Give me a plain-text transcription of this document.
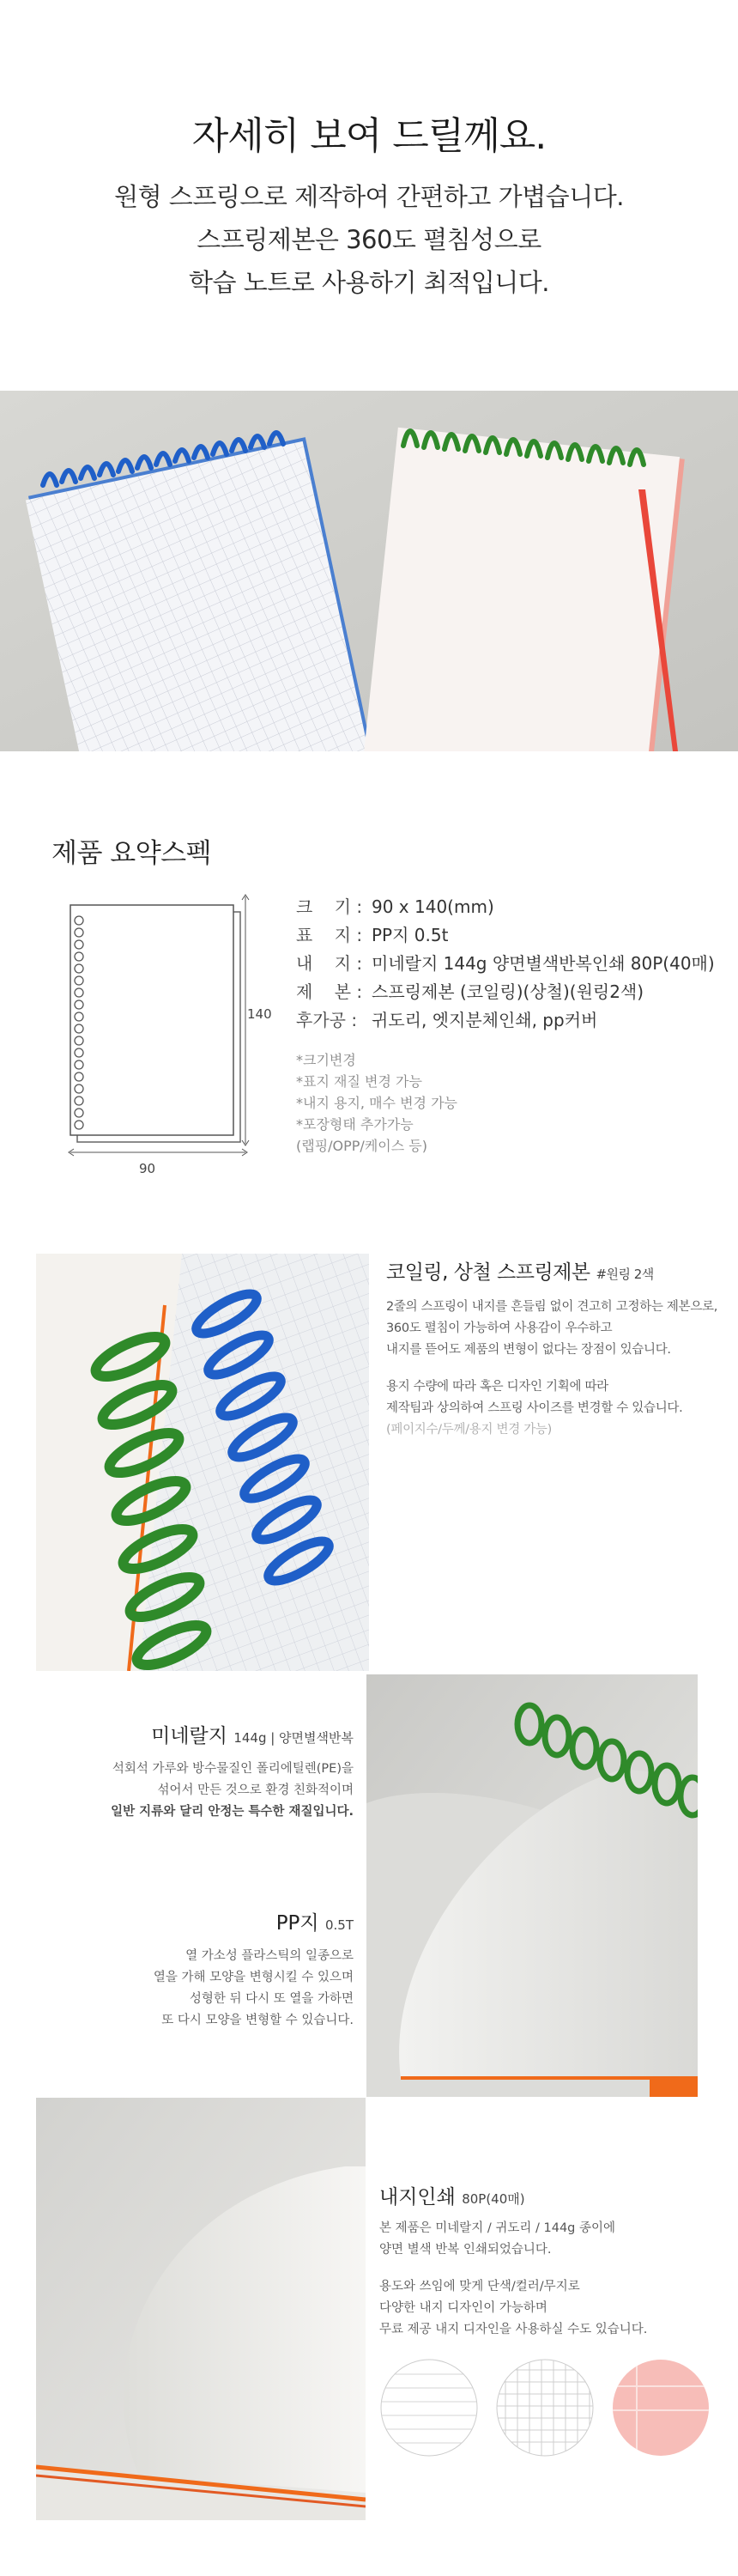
자세히 보여 드릴께요.
원형 스프링으로 제작하여 간편하고 가볍습니다.
스프링제본은 360도 펼침성으로
학습 노트로 사용하기 최적입니다.
제품 요약스펙
140
90
크    기 : 90 x 140(mm)
표    지 : PP지 0.5t
내    지 : 미네랄지 144g 양면별색반복인쇄 80P(40매)
제    본 : 스프링제본 (코일링)(상철)(원링2색)
후가공 : 귀도리, 엣지분체인쇄, pp커버
*크기변경
*표지 재질 변경 가능
*내지 용지, 매수 변경 가능
*포장형태 추가가능
(랩핑/OPP/케이스 등)
코일링, 상철 스프링제본 #원링 2색

2줄의 스프링이 내지를 흔들림 없이 견고히 고정하는 제본으로,
360도 펼침이 가능하여 사용감이 우수하고
내지를 뜯어도 제품의 변형이 없다는 장점이 있습니다.

용지 수량에 따라 혹은 디자인 기획에 따라
제작팀과 상의하여 스프링 사이즈를 변경할 수 있습니다.

(페이지수/두께/용지 변경 가능)

미네랄지 144g | 양면별색반복

석회석 가루와 방수물질인 폴리에틸렌(PE)을
섞어서 만든 것으로 환경 친화적이며
일반 지류와 달리 안정는 특수한 재질입니다.

PP지 0.5T

열 가소성 플라스틱의 일종으로
열을 가해 모양을 변형시킬 수 있으며
성형한 뒤 다시 또 열을 가하면
또 다시 모양을 변형할 수 있습니다.

내지인쇄 80P(40매)

본 제품은 미네랄지 / 귀도리 / 144g 종이에
양면 별색 반복 인쇄되었습니다.

용도와 쓰임에 맞게 단색/컬러/무지로
다양한 내지 디자인이 가능하며
무료 제공 내지 디자인을 사용하실 수도 있습니다.
